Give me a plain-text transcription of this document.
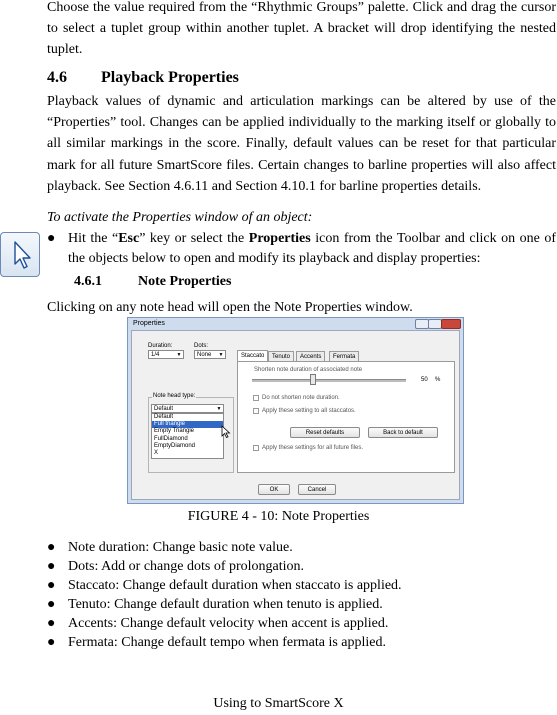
Choose the value required from the “Rhythmic Groups” palette. Click and drag the cursor to select a tuplet group within another tuplet. A bracket will drop identifying the nested tuplet.

4.6 Playback Properties

Playback values of dynamic and articulation markings can be altered by use of the “Properties” tool. Changes can be applied individually to the marking itself or globally to all similar markings in the score. Finally, default values can be reset for that particular mark for all future SmartScore files. Certain changes to barline properties will also affect playback. See Section 4.6.11 and Section 4.10.1 for barline properties details.

To activate the Properties window of an object:

● Hit the “Esc” key or select the Properties icon from the Toolbar and click on one of the objects below to open and modify its playback and display properties:
4.6.1	Note Properties

Clicking on any note head will open the Note Properties window.

Properties
Duration:
1/4	▼
Dots:
None ▼	Staccato	Tenuto	Accents	Fermata
Shorten note duration of associated note
50 %
Do not shorten note duration.
Apply these setting to all staccatos.
Reset defaults	Back to default
Apply these settings for all future files.
Note head type:
Default	▼
Default
Full triangle
Empty Triangle
FullDiamond
EmptyDiamond
X
OK	Cancel
FIGURE 4 - 10: Note Properties
● Note duration: Change basic note value.
● Dots: Add or change dots of prolongation.
● Staccato: Change default duration when staccato is applied.
● Tenuto: Change default duration when tenuto is applied.
● Accents: Change default velocity when accent is applied.
● Fermata: Change default tempo when fermata is applied.
Using to SmartScore X
